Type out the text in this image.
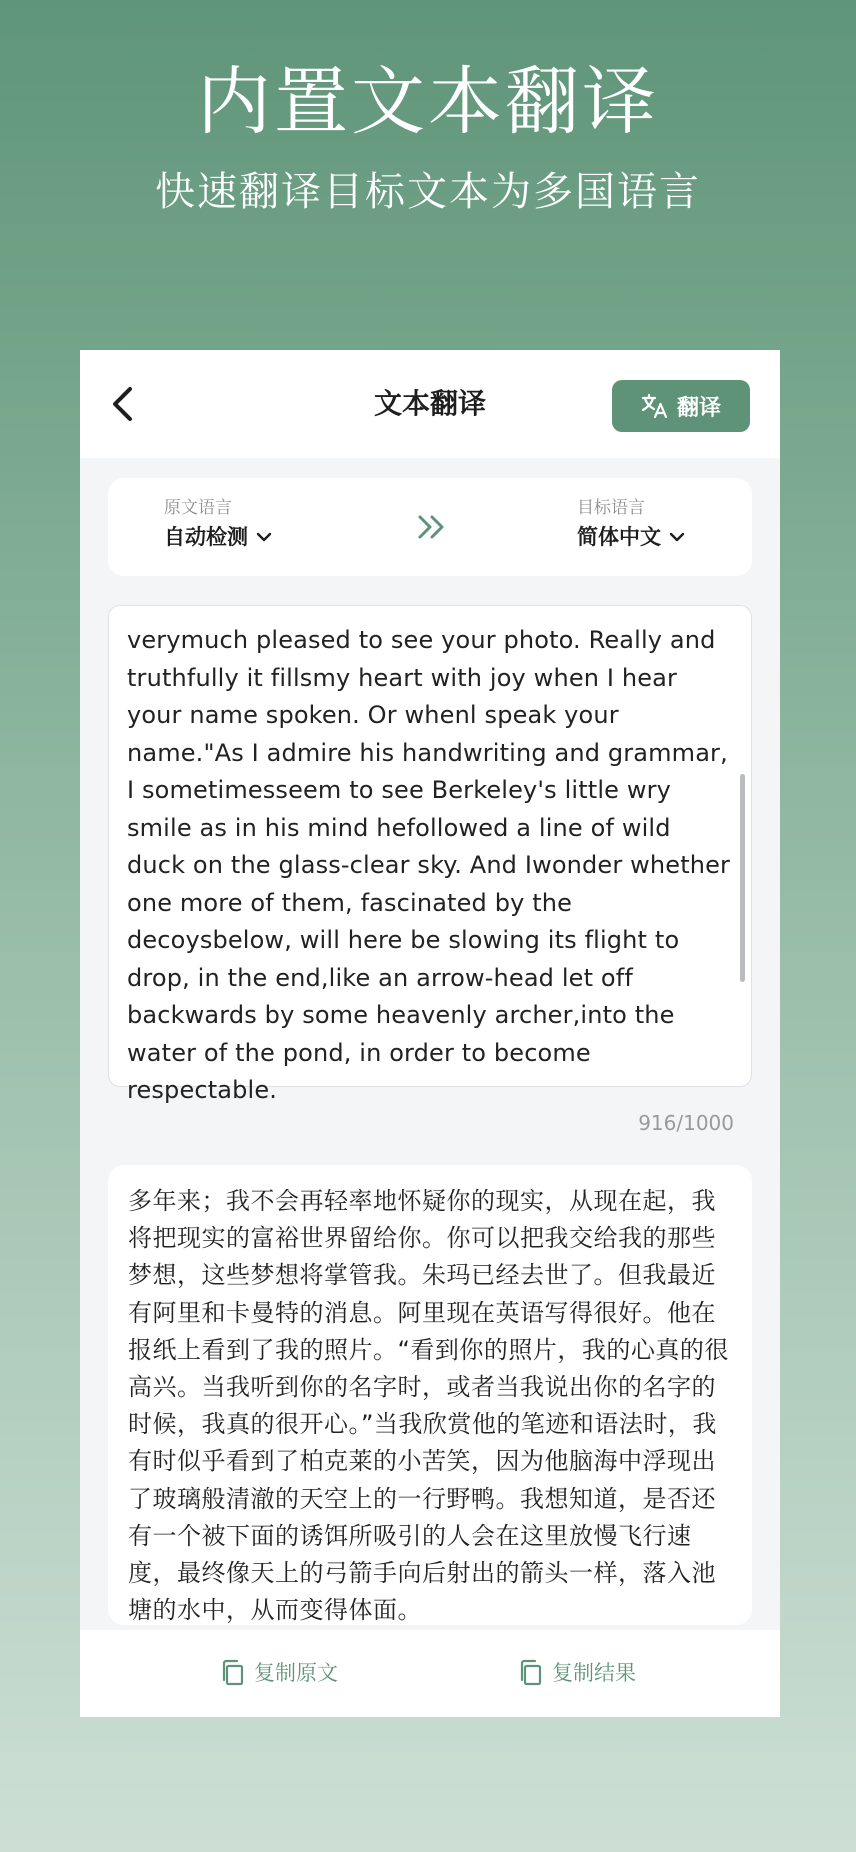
内置文本翻译
快速翻译目标文本为多国语言
文本翻译	翻译
原文语言
自动检测
目标语言
简体中文
verymuch pleased to see your photo. Really and truthfully it fillsmy heart with joy when I hear your name spoken. Or whenl speak your name."As I admire his handwriting and grammar, I sometimesseem to see Berkeley's little wry smile as in his mind hefollowed a line of wild duck on the glass-clear sky. And Iwonder whether one more of them, fascinated by the decoysbelow, will here be slowing its flight to drop, in the end,like an arrow-head let off backwards by some heavenly archer,into the water of the pond, in order to become respectable.
916/1000
多年来；我不会再轻率地怀疑你的现实，从现在起，我将把现实的富裕世界留给你。你可以把我交给我的那些梦想，这些梦想将掌管我。朱玛已经去世了。但我最近有阿里和卡曼特的消息。阿里现在英语写得很好。他在报纸上看到了我的照片。“看到你的照片，我的心真的很高兴。当我听到你的名字时，或者当我说出你的名字的时候，我真的很开心。”当我欣赏他的笔迹和语法时，我有时似乎看到了柏克莱的小苦笑，因为他脑海中浮现出了玻璃般清澈的天空上的一行野鸭。我想知道，是否还有一个被下面的诱饵所吸引的人会在这里放慢飞行速度，最终像天上的弓箭手向后射出的箭头一样，落入池塘的水中，从而变得体面。
复制原文	复制结果
